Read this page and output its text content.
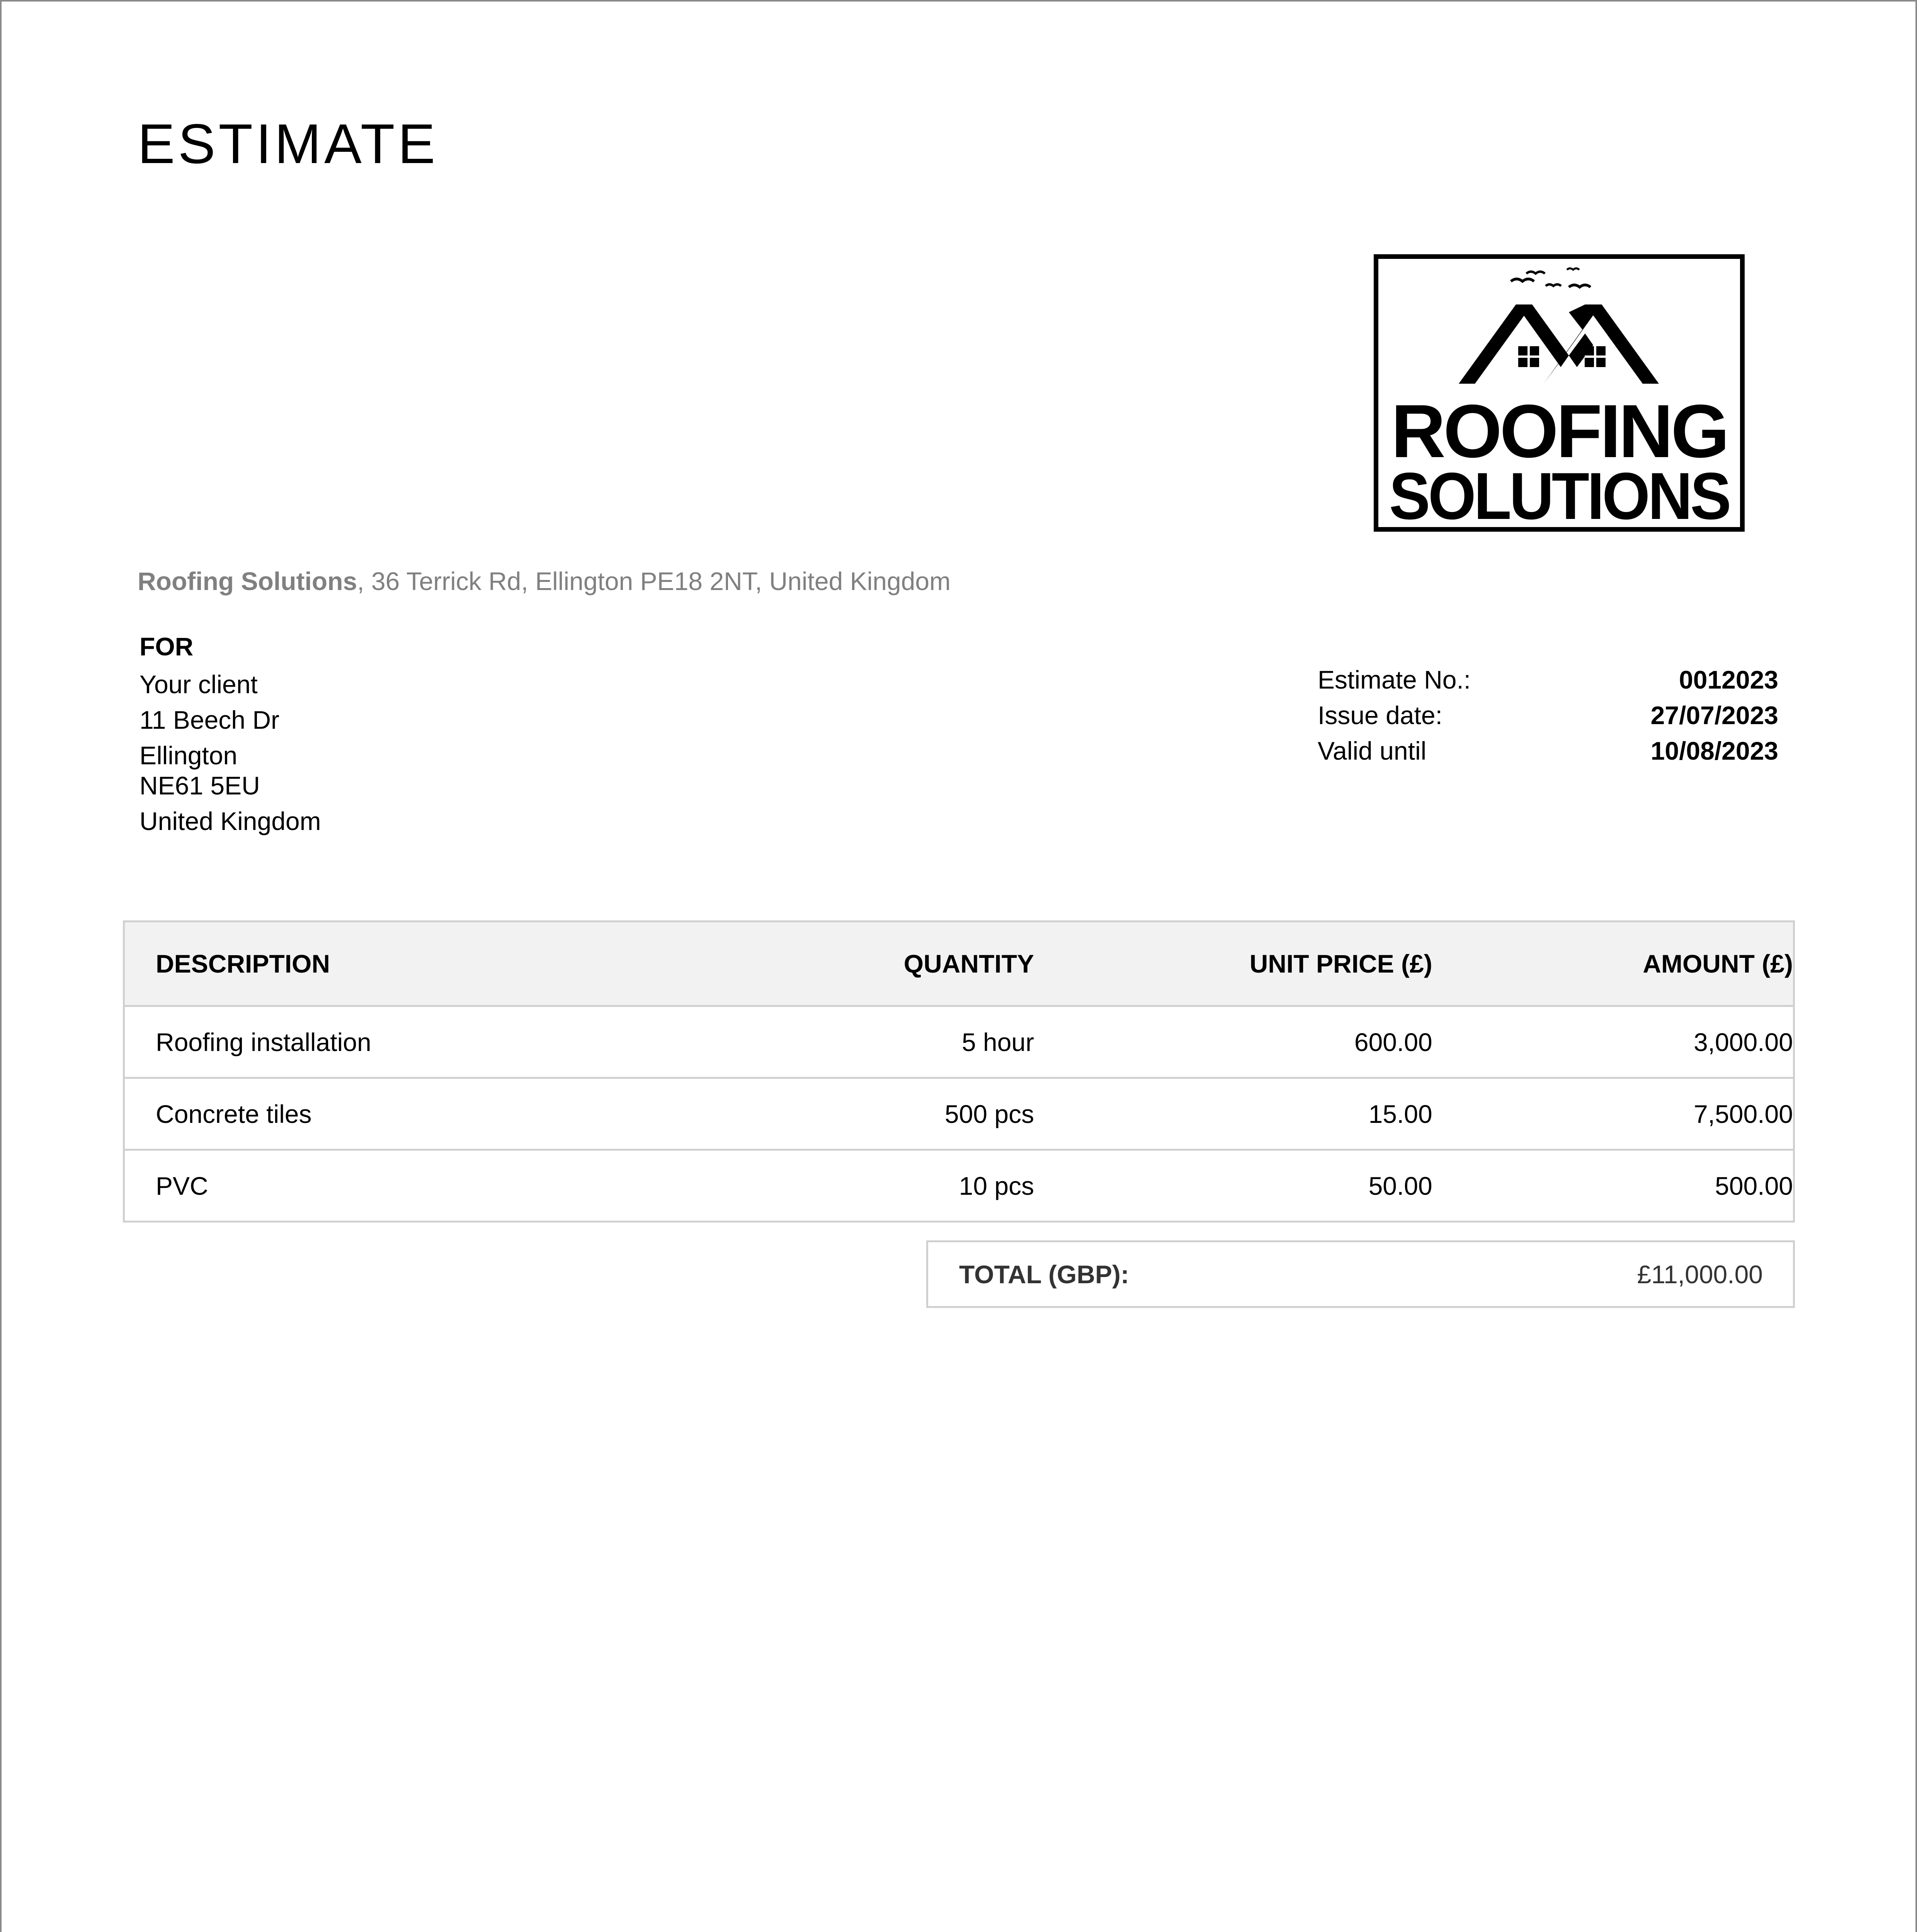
ESTIMATE
ROOFING
SOLUTIONS
Roofing Solutions, 36 Terrick Rd, Ellington PE18 2NT, United Kingdom
FOR
Your client
11 Beech Dr
Ellington
NE61 5EU
United Kingdom
Estimate No.:	0012023
Issue date:	27/07/2023
Valid until	10/08/2023
DESCRIPTION	QUANTITY	UNIT PRICE (£)	AMOUNT (£)
Roofing installation	5 hour	600.00	3,000.00
Concrete tiles	500 pcs	15.00	7,500.00
PVC	10 pcs	50.00	500.00
TOTAL (GBP):	£11,000.00
